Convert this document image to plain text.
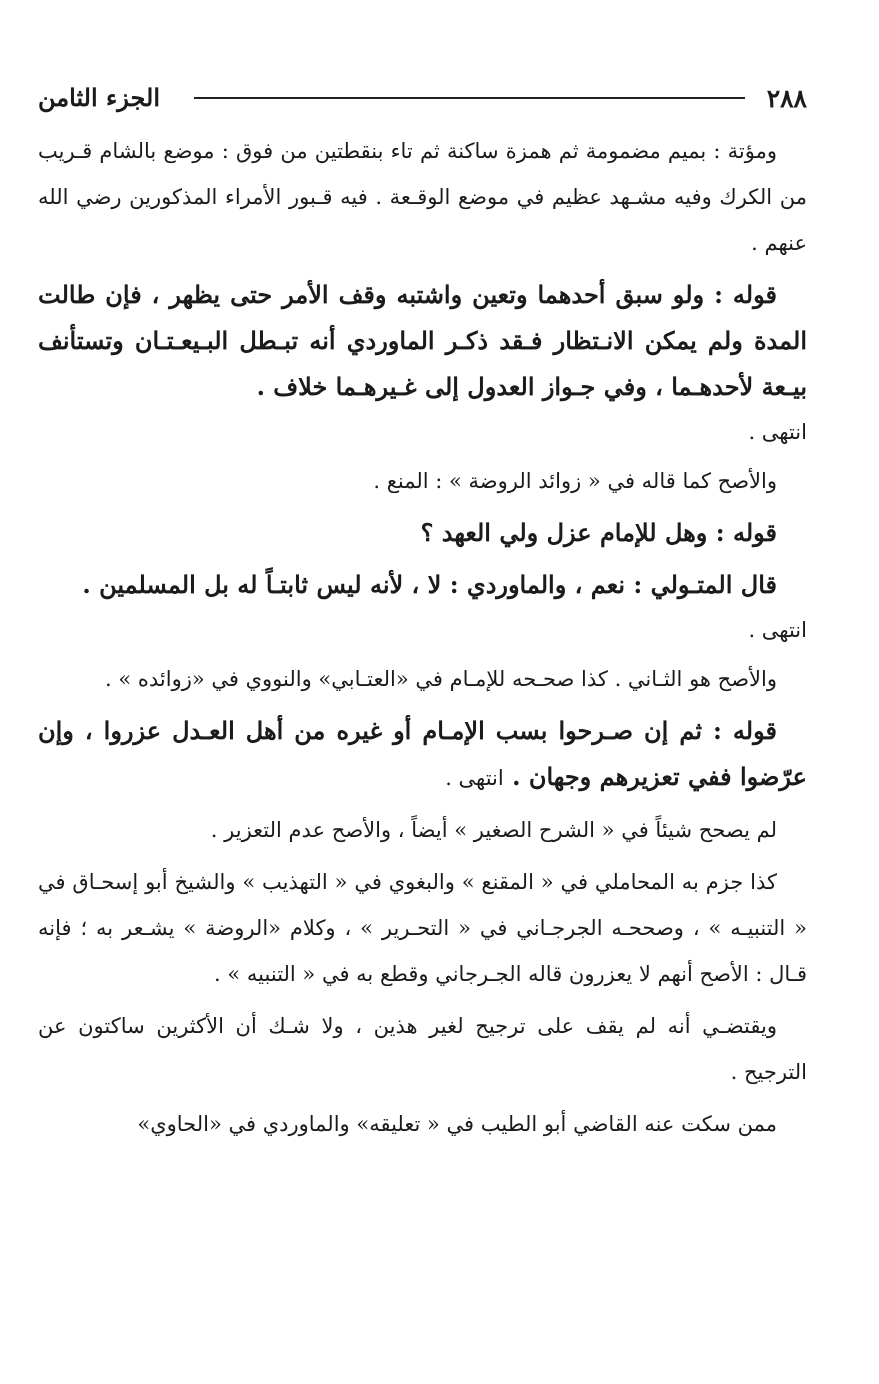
٢٨٨
الجزء الثامن

ومؤتة : بميم مضمومة ثم همزة ساكنة ثم تاء بنقطتين من فوق : موضع بالشام قـريب من الكرك وفيه مشـهد عظيم في موضع الوقـعة . فيه قـبور الأمراء المذكورين رضي الله عنهم .

قوله : ولو سبق أحدهما وتعين واشتبه وقف الأمر حتى يظهر ، فإن طالت المدة ولم يمكن الانـتظار فـقد ذكـر الماوردي أنه تبـطل البـيعـتـان وتستأنف بيـعة لأحدهـما ، وفي جـواز العدول إلى غـيرهـما خلاف .

انتهى .

والأصح كما قاله في « زوائد الروضة » : المنع .

قوله : وهل للإمام عزل ولي العهد ؟

قال المتـولي : نعم ، والماوردي : لا ، لأنه ليس ثابتـاً له بل المسلمين .

انتهى .

والأصح هو الثـاني . كذا صحـحه للإمـام في «العتـابي» والنووي في «زوائده » .

قوله : ثم إن صـرحوا بسب الإمـام أو غيره من أهل العـدل عزروا ، وإن عرّضوا ففي تعزيرهم وجهان . انتهى .

لم يصحح شيئاً في « الشرح الصغير » أيضاً ، والأصح عدم التعزير .

كذا جزم به المحاملي في « المقنع » والبغوي في « التهذيب » والشيخ أبو إسحـاق في « التنبيـه » ، وصححـه الجرجـاني في « التحـرير » ، وكلام «الروضة » يشـعر به ؛ فإنه قـال : الأصح أنهم لا يعزرون قاله الجـرجاني وقطع به في « التنبيه » .

ويقتضـي أنه لم يقف على ترجيح لغير هذين ، ولا شـك أن الأكثرين ساكتون عن الترجيح .

ممن سكت عنه القاضي أبو الطيب في « تعليقه» والماوردي في «الحاوي»
